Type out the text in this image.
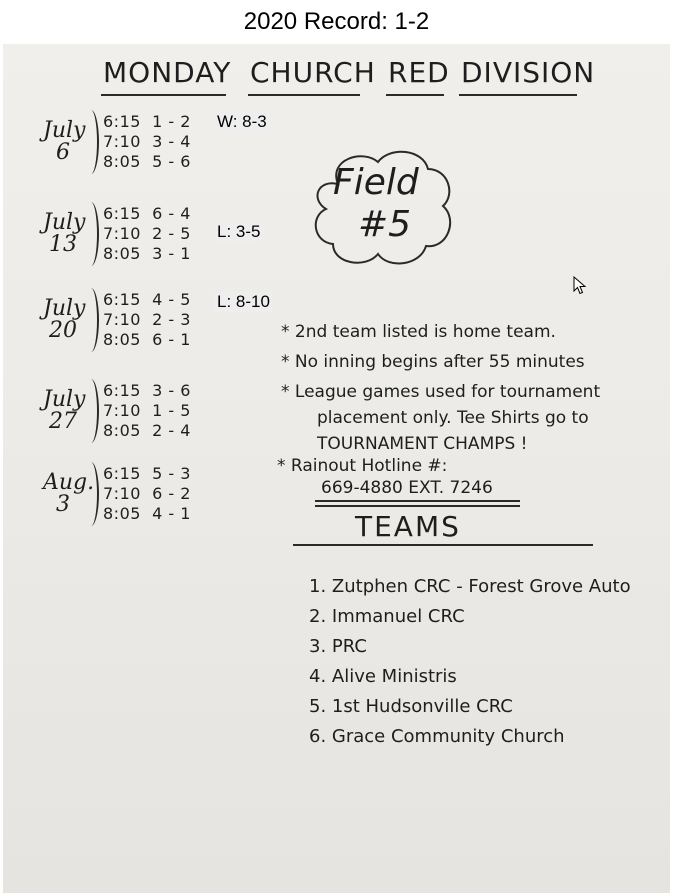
2020 Record: 1-2
MONDAY CHURCH RED DIVISION
Field
#5
* 2nd team listed is home team.
* No inning begins after 55 minutes
* League games used for tournament
placement only. Tee Shirts go to
TOURNAMENT CHAMPS !
* Rainout Hotline #:
669-4880 EXT. 7246
TEAMS
1. Zutphen CRC - Forest Grove Auto
2. Immanuel CRC
3. PRC
4. Alive Ministris
5. 1st Hudsonville CRC
6. Grace Community Church
July
6
6:15 1 - 2
7:10 3 - 4
8:05 5 - 6
W: 8-3
July
13
6:15 6 - 4
7:10 2 - 5
8:05 3 - 1
L: 3-5
July
20
6:15 4 - 5
7:10 2 - 3
8:05 6 - 1
L: 8-10
July
27
6:15 3 - 6
7:10 1 - 5
8:05 2 - 4
Aug.
3
6:15 5 - 3
7:10 6 - 2
8:05 4 - 1
